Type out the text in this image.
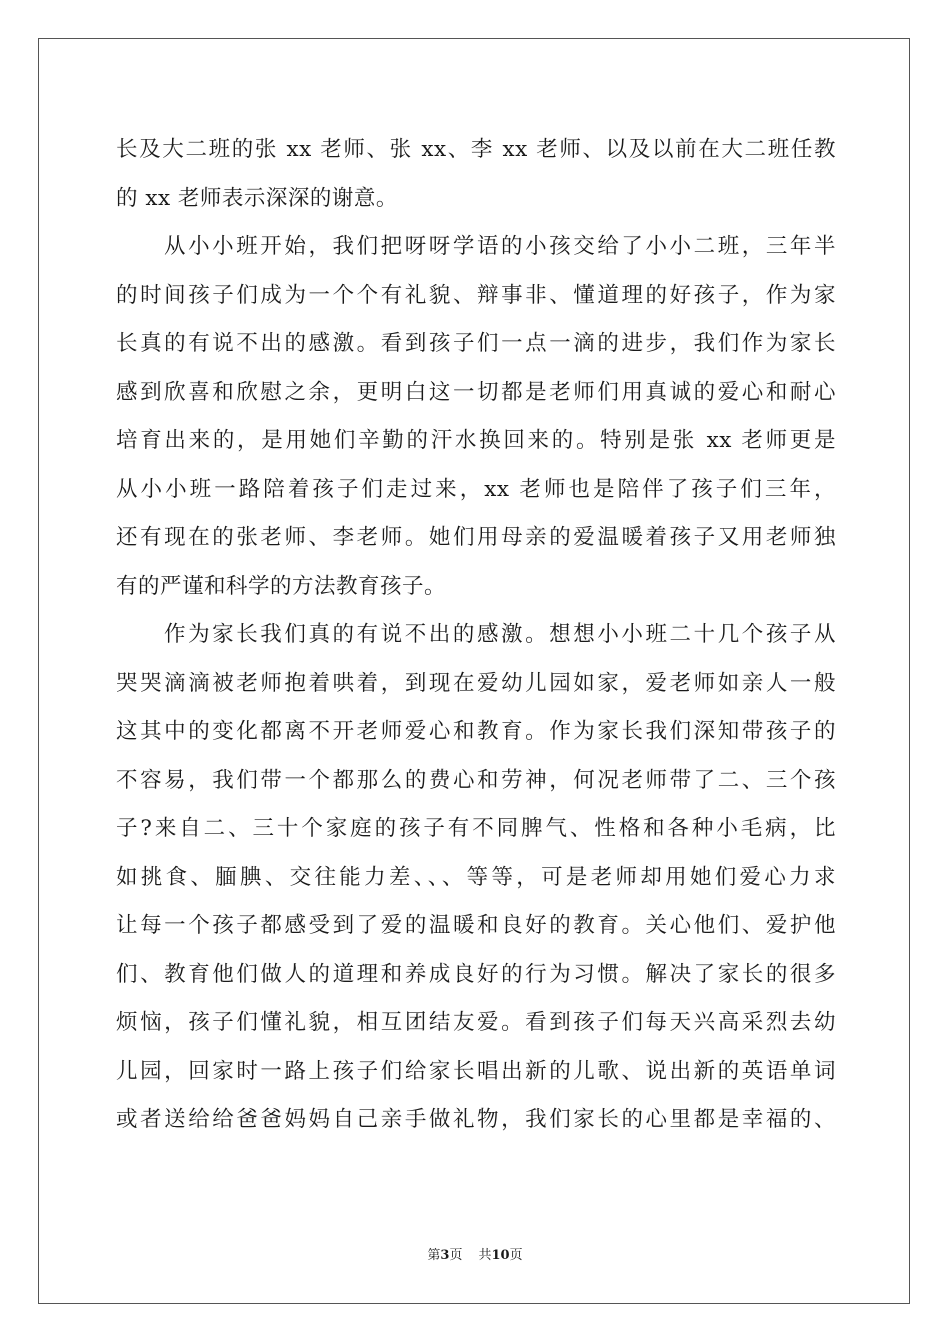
长及大二班的张 xx 老师、张 xx、李 xx 老师、以及以前在大二班任教
的 xx 老师表示深深的谢意。
从小小班开始，我们把呀呀学语的小孩交给了小小二班，三年半
的时间孩子们成为一个个有礼貌、辩事非、懂道理的好孩子，作为家
长真的有说不出的感激。看到孩子们一点一滴的进步，我们作为家长
感到欣喜和欣慰之余，更明白这一切都是老师们用真诚的爱心和耐心
培育出来的，是用她们辛勤的汗水换回来的。特别是张 xx 老师更是
从小小班一路陪着孩子们走过来，xx 老师也是陪伴了孩子们三年，
还有现在的张老师、李老师。她们用母亲的爱温暖着孩子又用老师独
有的严谨和科学的方法教育孩子。
作为家长我们真的有说不出的感激。想想小小班二十几个孩子从
哭哭滴滴被老师抱着哄着，到现在爱幼儿园如家，爱老师如亲人一般
这其中的变化都离不开老师爱心和教育。作为家长我们深知带孩子的
不容易，我们带一个都那么的费心和劳神，何况老师带了二、三个孩
子?来自二、三十个家庭的孩子有不同脾气、性格和各种小毛病，比
如挑食、腼腆、交往能力差、、、等等，可是老师却用她们爱心力求
让每一个孩子都感受到了爱的温暖和良好的教育。关心他们、爱护他
们、教育他们做人的道理和养成良好的行为习惯。解决了家长的很多
烦恼，孩子们懂礼貌，相互团结友爱。看到孩子们每天兴高采烈去幼
儿园，回家时一路上孩子们给家长唱出新的儿歌、说出新的英语单词
或者送给给爸爸妈妈自己亲手做礼物，我们家长的心里都是幸福的、
第3页 共10页
